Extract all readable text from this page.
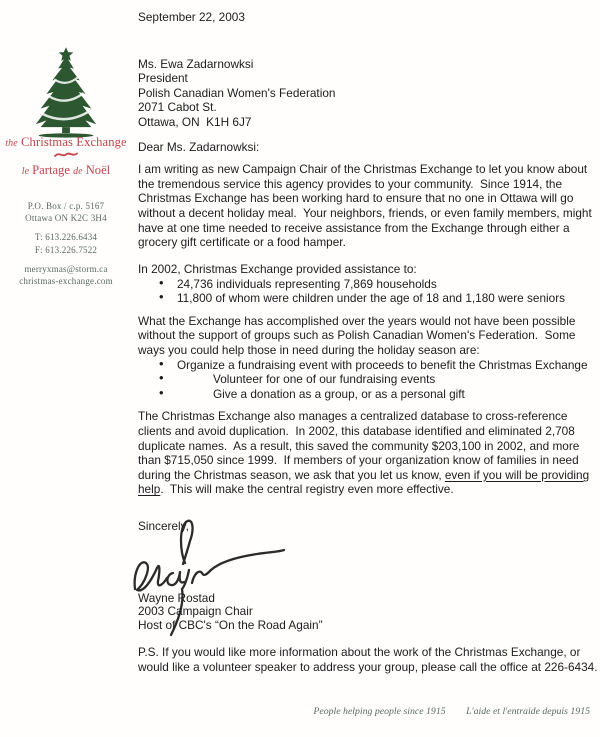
the Christmas Exchange
le Partage de Noël
P.O. Box / c.p. 5167
Ottawa ON K2C 3H4
T: 613.226.6434
F: 613.226.7522
merryxmas@storm.ca
christmas-exchange.com
September 22, 2003
Ms. Ewa Zadarnowksi
President
Polish Canadian Women's Federation
2071 Cabot St.
Ottawa, ON  K1H 6J7
Dear Ms. Zadarnowksi:
I am writing as new Campaign Chair of the Christmas Exchange to let you know about
the tremendous service this agency provides to your community.  Since 1914, the
Christmas Exchange has been working hard to ensure that no one in Ottawa will go
without a decent holiday meal.  Your neighbors, friends, or even family members, might
have at one time needed to receive assistance from the Exchange through either a
grocery gift certificate or a food hamper.
In 2002, Christmas Exchange provided assistance to:
• 24,736 individuals representing 7,869 households
• 11,800 of whom were children under the age of 18 and 1,180 were seniors
What the Exchange has accomplished over the years would not have been possible
without the support of groups such as Polish Canadian Women's Federation.  Some
ways you could help those in need during the holiday season are:
• Organize a fundraising event with proceeds to benefit the Christmas Exchange
• Volunteer for one of our fundraising events
• Give a donation as a group, or as a personal gift
The Christmas Exchange also manages a centralized database to cross-reference
clients and avoid duplication.  In 2002, this database identified and eliminated 2,708
duplicate names.  As a result, this saved the community $203,100 in 2002, and more
than $715,050 since 1999.  If members of your organization know of families in need
during the Christmas season, we ask that you let us know, even if you will be providing
help.  This will make the central registry even more effective.
Sincerely,
Wayne Rostad
2003 Campaign Chair
Host of CBC's “On the Road Again”
P.S. If you would like more information about the work of the Christmas Exchange, or
would like a volunteer speaker to address your group, please call the office at 226-6434.
People helping people since 1915 L'aide et l'entraide depuis 1915
